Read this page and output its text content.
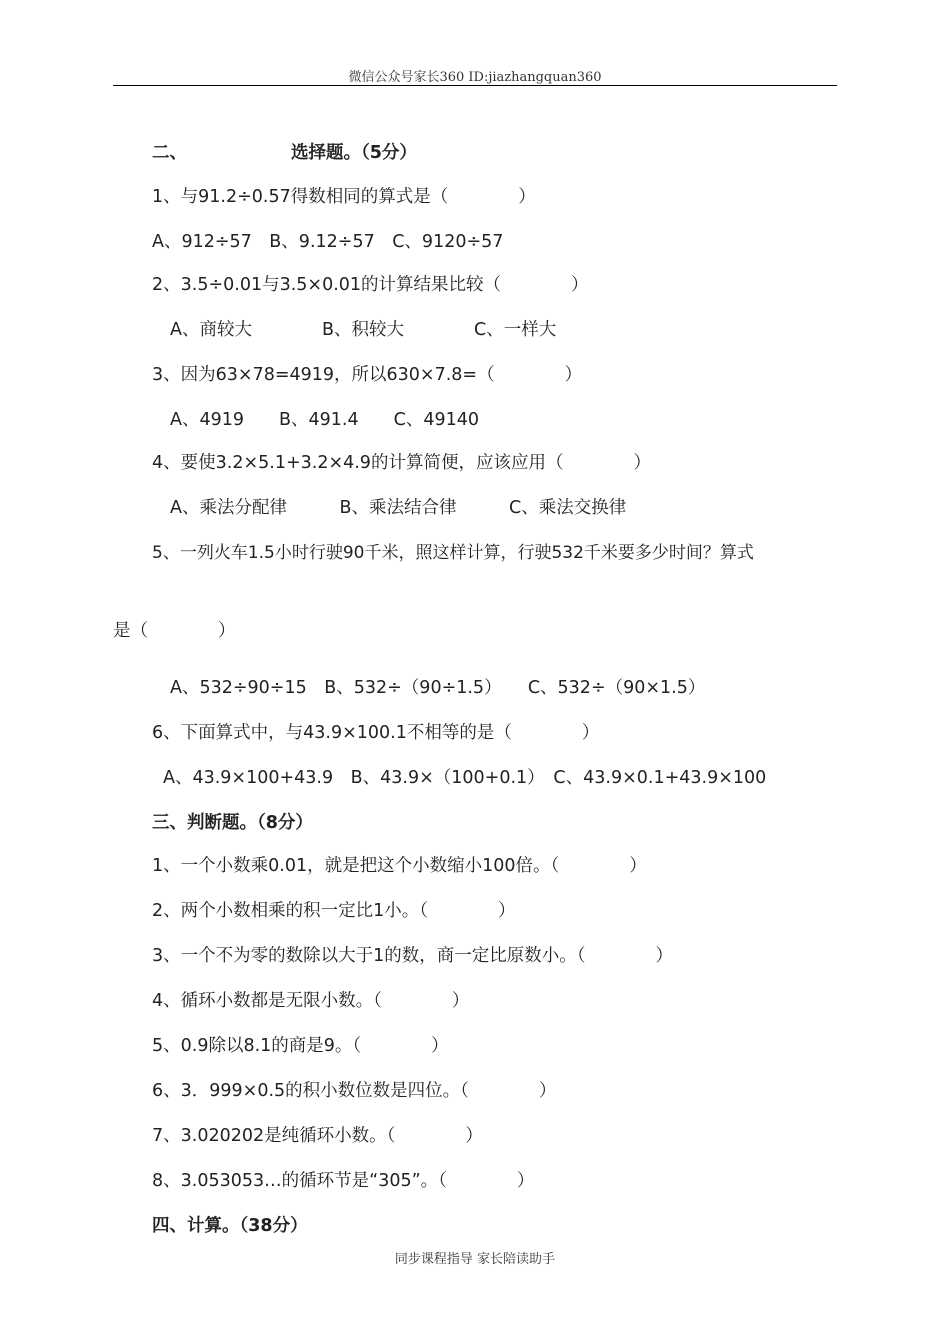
微信公众号家长360 ID:jiazhangquan360
二、	选择题。（5分）
1、与91.2÷0.57得数相同的算式是（　　　　）
A、912÷57　B、9.12÷57　C、9120÷57
2、3.5÷0.01与3.5×0.01的计算结果比较（　　　　）
A、商较大　　　　B、积较大　　　　C、一样大
3、因为63×78=4919，所以630×7.8=（　　　　）
A、4919　　B、491.4　　C、49140
4、要使3.2×5.1+3.2×4.9的计算简便，应该应用（　　　　）
A、乘法分配律　　　B、乘法结合律　　　C、乘法交换律
5、一列火车1.5小时行驶90千米，照这样计算，行驶532千米要多少时间？算式
是（　　　　）
A、532÷90÷15　B、532÷（90÷1.5）　　C、532÷（90×1.5）
6、下面算式中，与43.9×100.1不相等的是（　　　　）
A、43.9×100+43.9　B、43.9×（100+0.1）　C、43.9×0.1+43.9×100
三、判断题。（8分）
1、一个小数乘0.01，就是把这个小数缩小100倍。（　　　　）
2、两个小数相乘的积一定比1小。（　　　　）
3、一个不为零的数除以大于1的数，商一定比原数小。（　　　　）
4、循环小数都是无限小数。（　　　　）
5、0.9除以8.1的商是9。（　　　　）
6、3．999×0.5的积小数位数是四位。（　　　　）
7、3.020202是纯循环小数。（　　　　）
8、3.053053…的循环节是“305”。（　　　　）
四、计算。（38分）
同步课程指导 家长陪读助手
